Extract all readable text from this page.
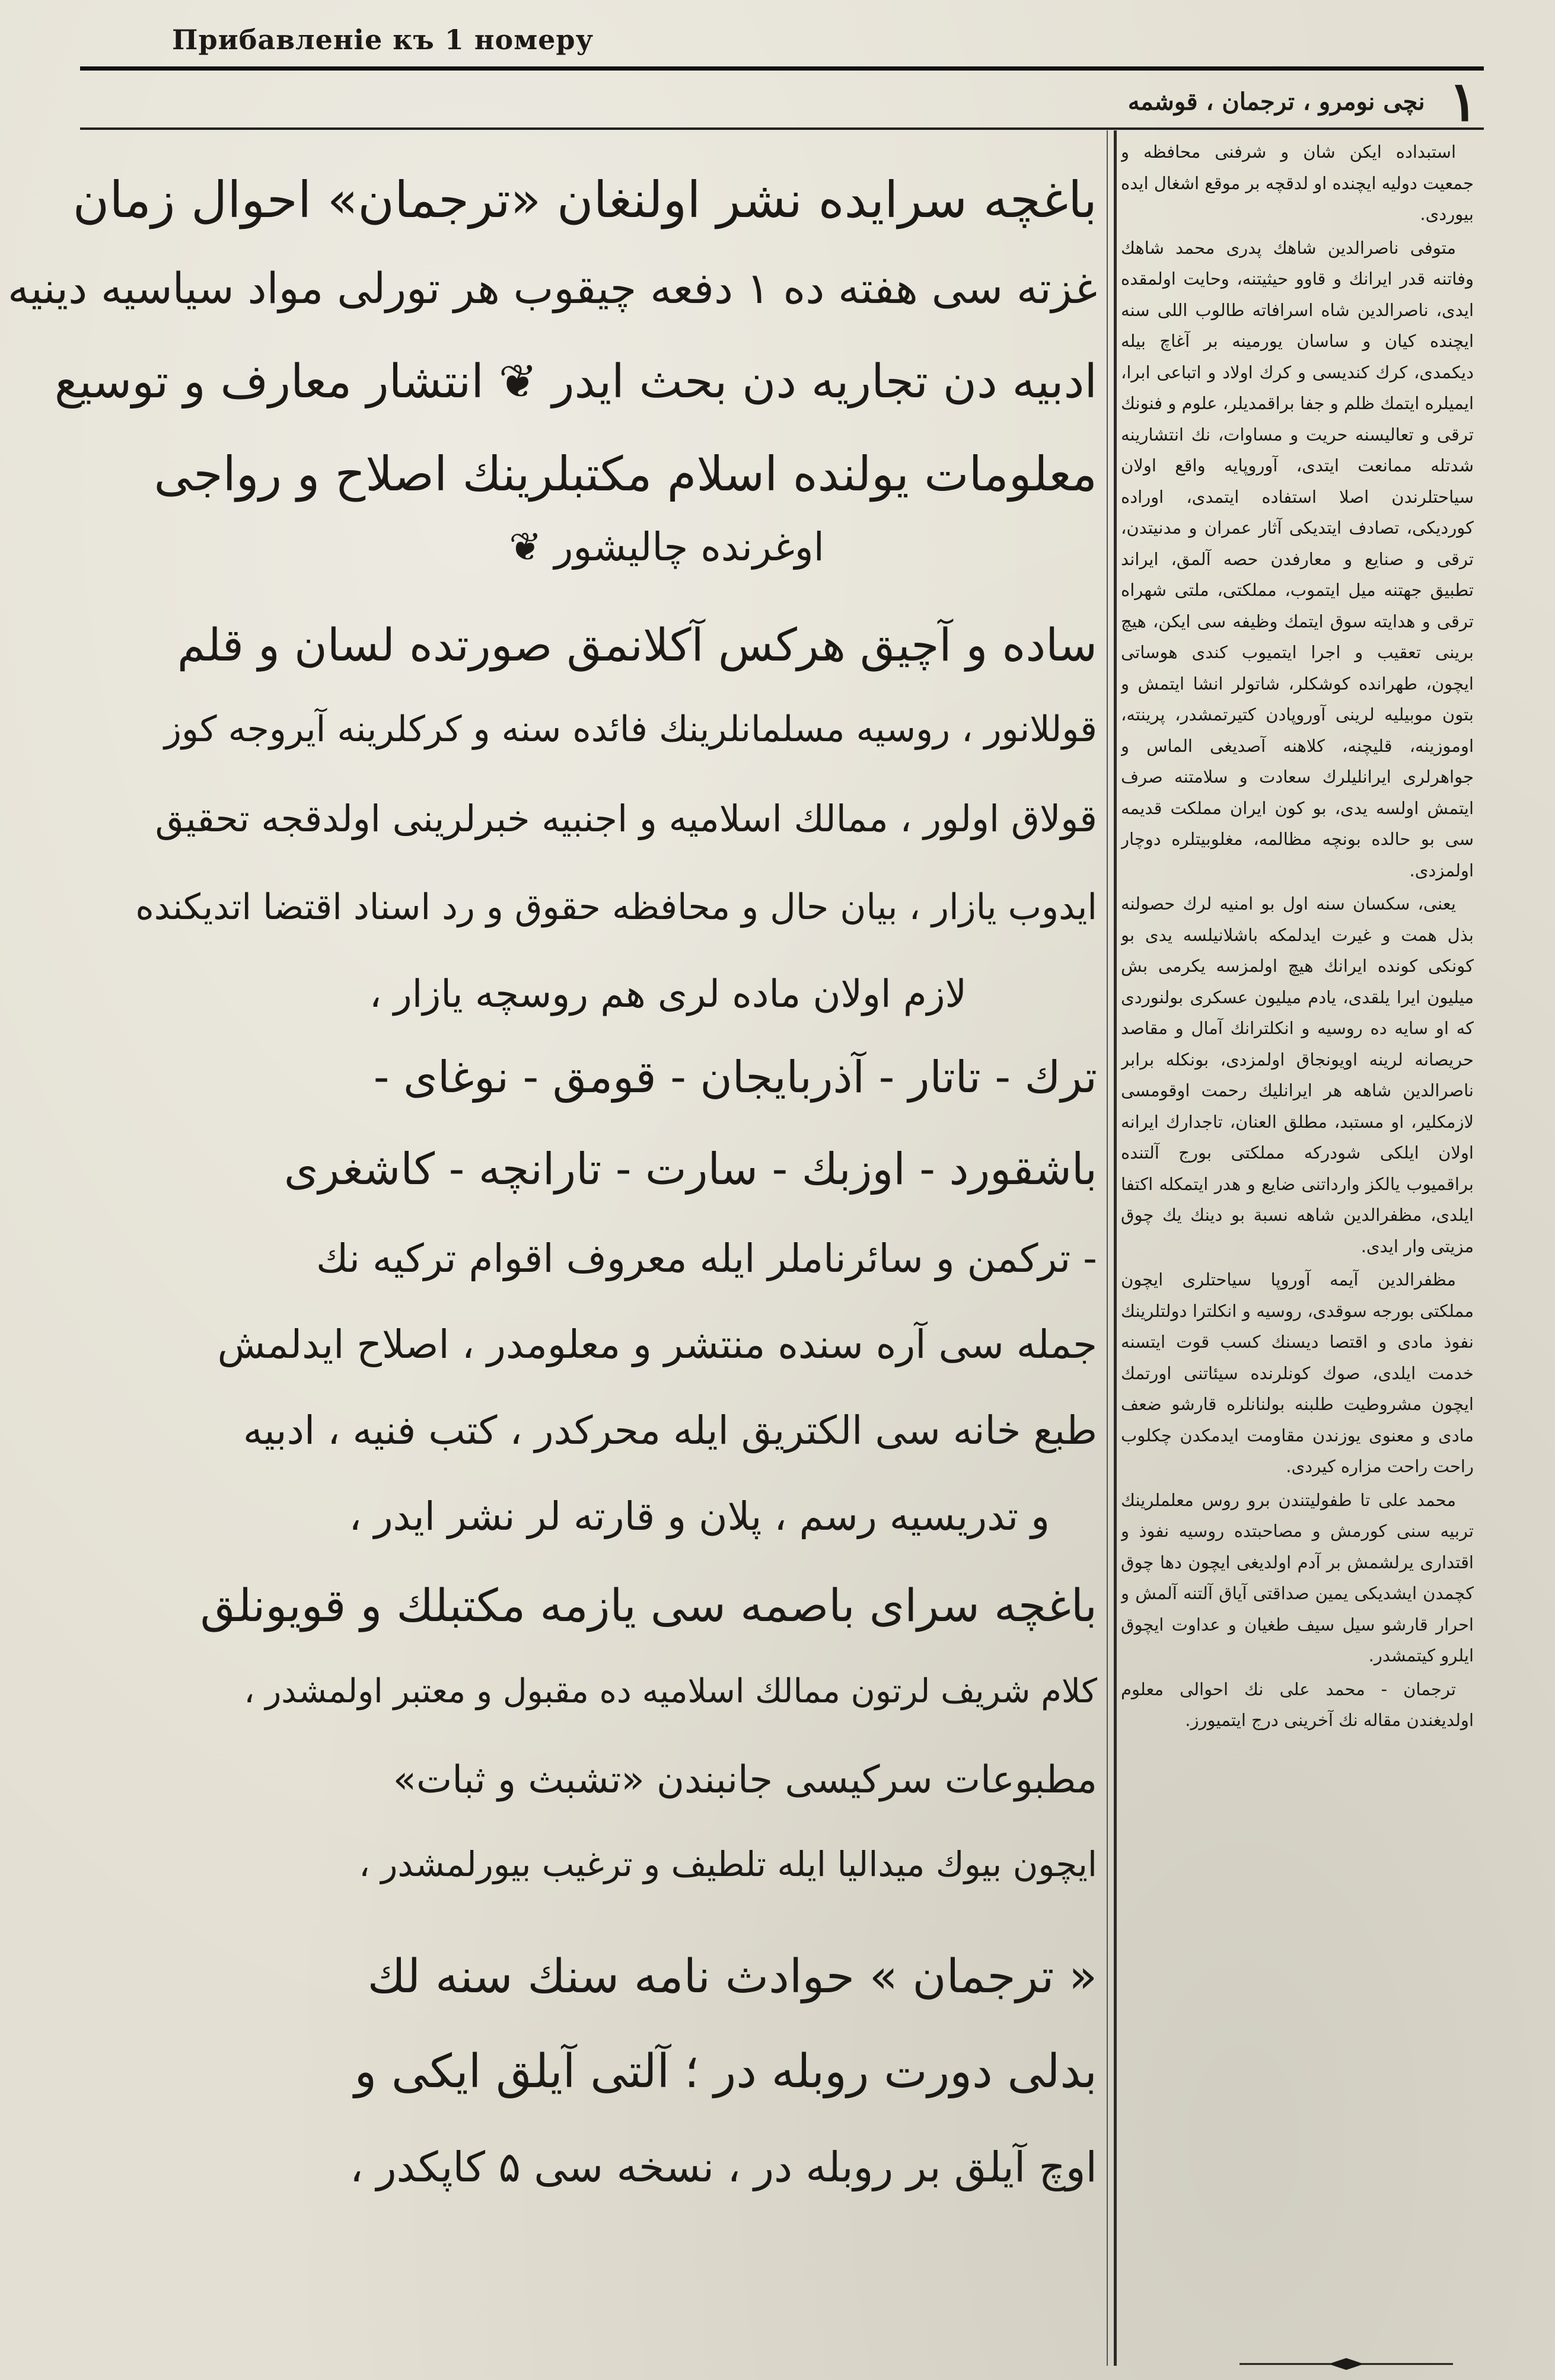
Прибавленіе къ 1 номеру
١
نچی نومرو ، ترجمان ، قوشمه
باغچه سرایده نشر اولنغان «ترجمان» احوال زمان
غزته سی هفته ده ۱ دفعه چیقوب هر تورلی مواد سیاسیه دینیه
ادبیه دن تجاریه دن بحث ایدر ❦ انتشار معارف و توسیع
معلومات یولنده اسلام مکتبلرینك اصلاح و رواجی
اوغرنده چالیشور ❦
ساده و آچیق هرکس آکلانمق صورتده لسان و قلم
قوللانور ، روسیه مسلمانلرینك فائده سنه و کرکلرینه آیروجه کوز
قولاق اولور ، ممالك اسلامیه و اجنبیه خبرلرینی اولدقجه تحقیق
ایدوب یازار ، بیان حال و محافظه حقوق و رد اسناد اقتضا اتدیکنده
لازم اولان ماده لری هم روسچه یازار ،
ترك - تاتار - آذربایجان - قومق - نوغای -
باشقورد - اوزبك - سارت - تارانچه - کاشغری
- ترکمن و سائرناملر ایله معروف اقوام ترکیه نك
جمله سی آره سنده منتشر و معلومدر ، اصلاح ایدلمش
طبع خانه سی الکتریق ایله محرکدر ، کتب فنیه ، ادبیه
و تدریسیه رسم ، پلان و قارته لر نشر ایدر ،
باغچه سرای باصمه سی یازمه مکتبلك و قویونلق
کلام شریف لرتون ممالك اسلامیه ده مقبول و معتبر اولمشدر ،
مطبوعات سرکیسی جانبندن «تشبث و ثبات»
ایچون بیوك میدالیا ایله تلطیف و ترغیب بیورلمشدر ،
« ترجمان » حوادث نامه سنك سنه لك
بدلی دورت روبله در ؛ آلتی آیلق ایکی و
اوچ آیلق بر روبله در ، نسخه سی ۵ کاپکدر ،

استبداده ایکن شان و شرفنی محافظه و جمعیت دولیه ایچنده او لدقچه بر موقع اشغال ایده بیوردی.

متوفی ناصرالدین شاهك پدری محمد شاهك وفاتنه قدر ایرانك و قاوو حیثیتنه، وحایت اولمقده ایدی، ناصرالدین شاه اسرافاته طالوب اللی سنه ایچنده کیان و ساسان یورمینه بر آغاچ بیله دیکمدی، کرك کندیسی و کرك اولاد و اتباعی ابرا، ایمیلره ایتمك ظلم و جفا براقمدیلر، علوم و فنونك ترقی و تعالیسنه حریت و مساوات، نك انتشارینه شدتله ممانعت ایتدی، آوروپایه واقع اولان سیاحتلرندن اصلا استفاده ایتمدی، اوراده کوردیکی، تصادف ایتدیکی آثار عمران و مدنیتدن، ترقی و صنایع و معارفدن حصه آلمق، ایراند تطبیق جهتنه میل ایتموب، مملکتی، ملتی شهراه ترقی و هدایته سوق ایتمك وظیفه سی ایکن، هیچ برینی تعقیب و اجرا ایتمیوب کندی هوساتی ایچون، طهرانده کوشکلر، شاتولر انشا ایتمش و بتون موبیلیه لرینی آوروپادن کتیرتمشدر، پرینته، اوموزینه، قلیچنه، کلاهنه آصدیغی الماس و جواهرلری ایرانلیلرك سعادت و سلامتنه صرف ایتمش اولسه یدی، بو کون ایران مملکت قدیمه سی بو حالده بونچه مظالمه، مغلوبیتلره دوچار اولمزدی.

یعنی، سکسان سنه اول بو امنیه لرك حصولنه بذل همت و غیرت ایدلمکه باشلانیلسه یدی بو کونکی کونده ایرانك هیچ اولمزسه یکرمی بش میلیون ایرا یلقدی، یادم میلیون عسکری بولنوردی که او سایه ده روسیه و انکلترانك آمال و مقاصد حریصانه لرینه اویونجاق اولمزدی، بونکله برابر ناصرالدین شاهه هر ایرانلیك رحمت اوقومسی لازمکلیر، او مستبد، مطلق العنان، تاجدارك ایرانه اولان ایلکی شودرکه مملکتی بورج آلتنده براقمیوب یالکز وارداتنی ضایع و هدر ایتمکله اکتفا ایلدی، مظفرالدین شاهه نسبة بو دینك یك چوق مزیتی وار ایدی.

مظفرالدین آیمه آوروپا سیاحتلری ایچون مملکتی بورجه سوقدی، روسیه و انکلترا دولتلرینك نفوذ مادی و اقتصا دیسنك کسب قوت ایتسنه خدمت ایلدی، صوك کونلرنده سیئاتنی اورتمك ایچون مشروطیت طلبنه بولنانلره قارشو ضعف مادی و معنوی یوزندن مقاومت ایدمکدن چکلوب راحت راحت مزاره کیردی.

محمد علی تا طفولیتندن برو روس معلملرینك تربیه سنی کورمش و مصاحبتده روسیه نفوذ و اقتداری یرلشمش بر آدم اولدیغی ایچون دها چوق کچمدن ایشدیکی یمین صداقتی آیاق آلتنه آلمش و احرار قارشو سیل سیف طغیان و عداوت ایچوق ایلرو کیتمشدر.

ترجمان - محمد علی نك احوالی معلوم اولدیغندن مقاله نك آخرینی درج ایتمیورز.
